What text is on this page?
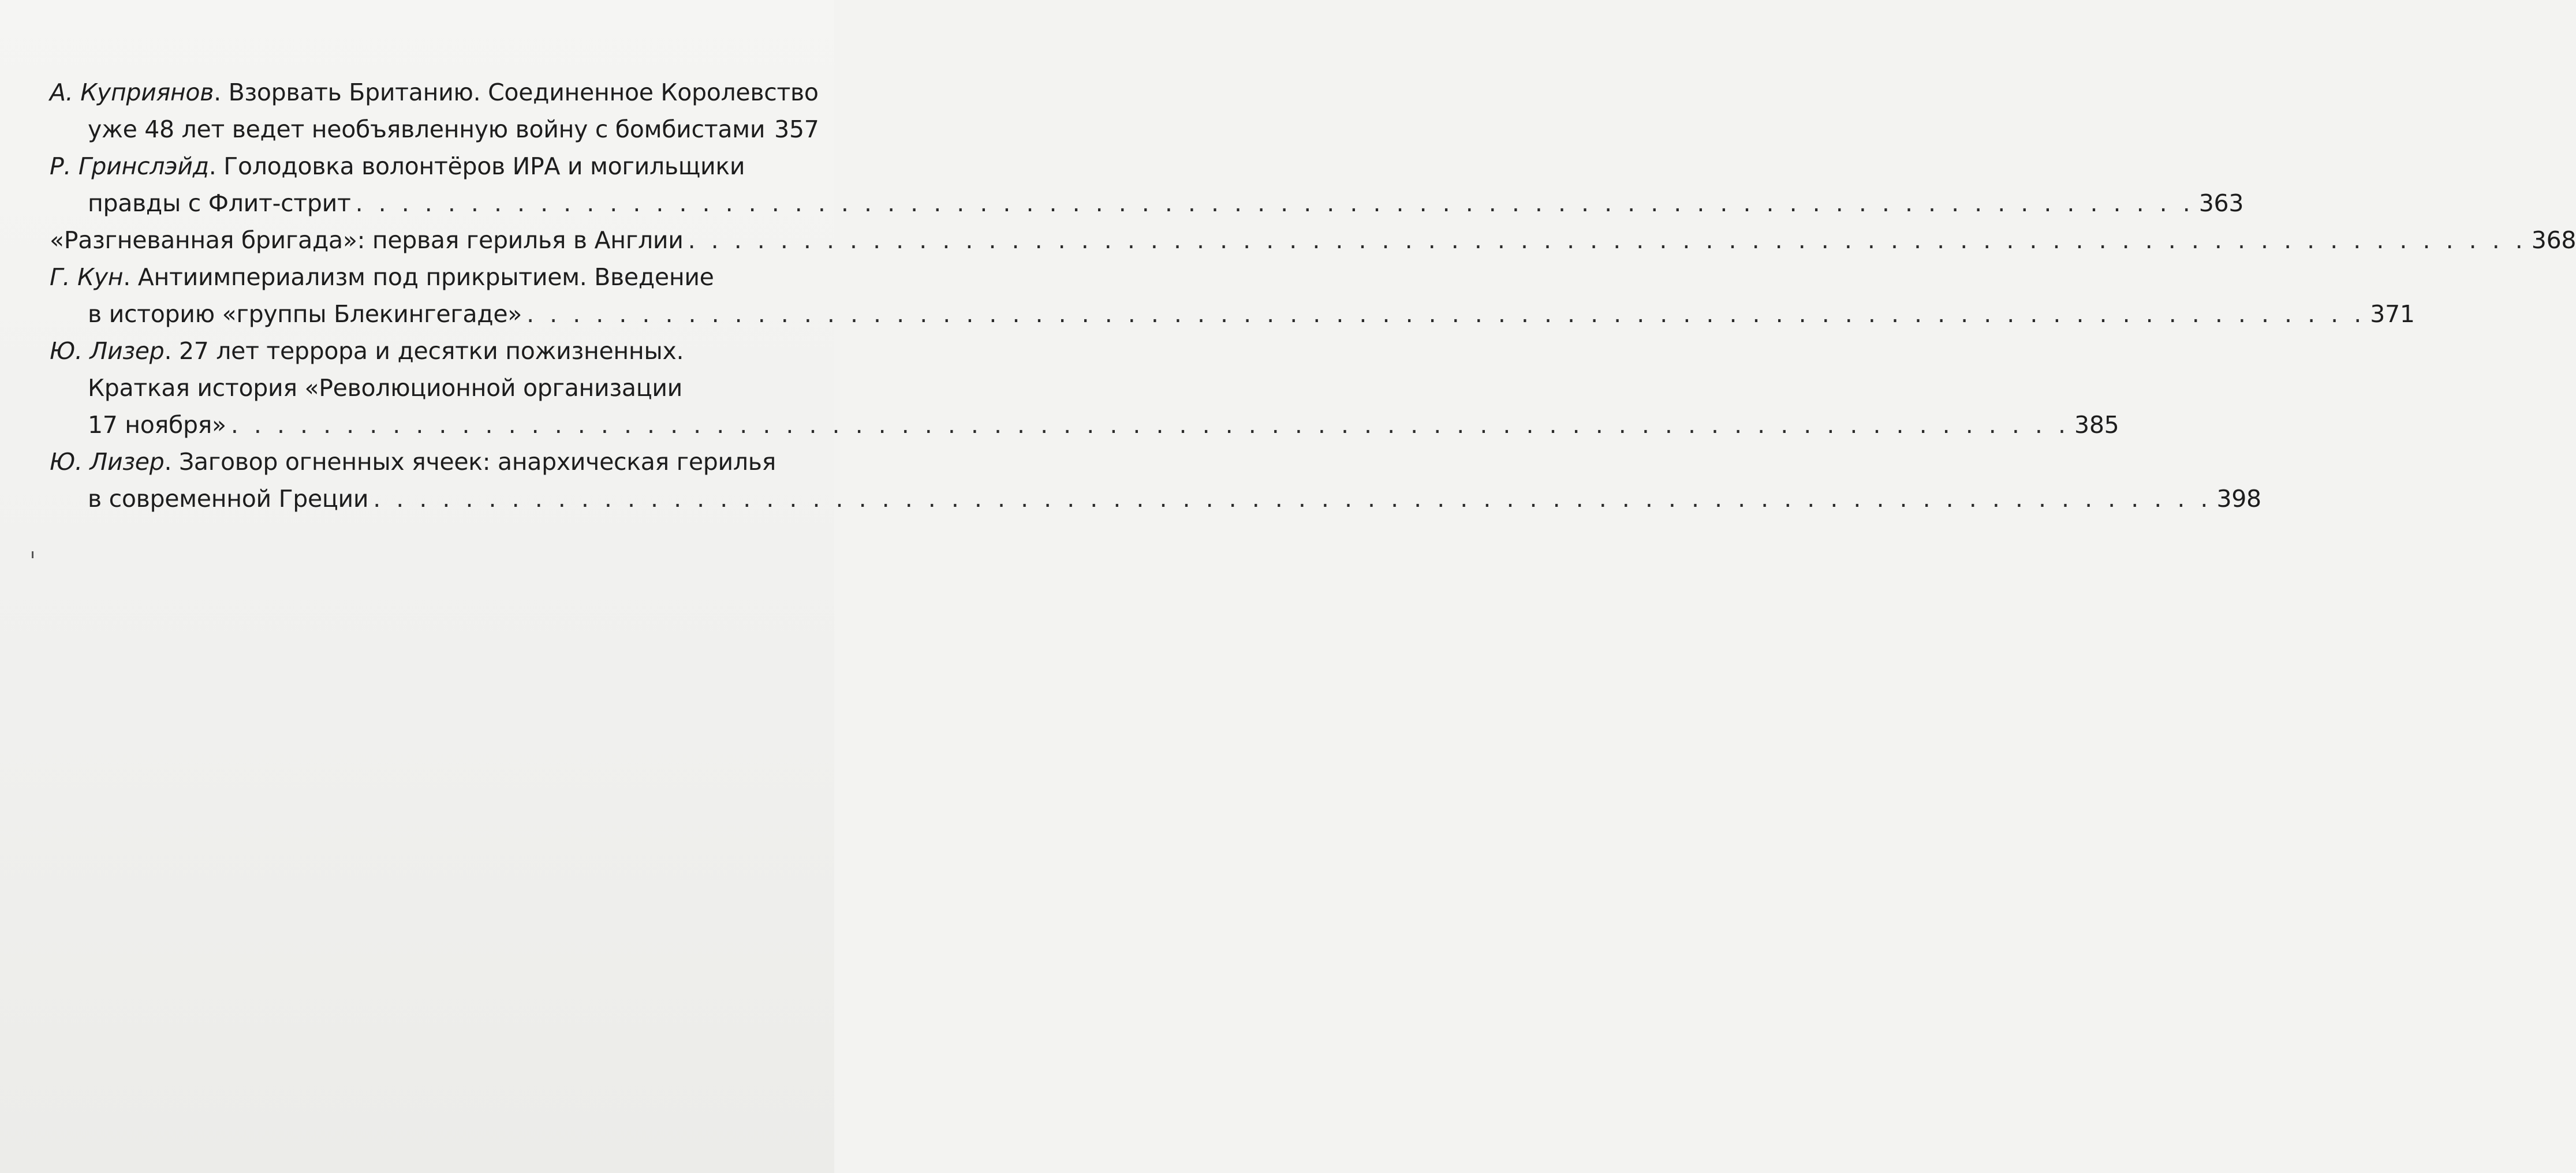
А. Куприянов. Взорвать Британию. Соединенное Королевство
уже 48 лет ведет необъявленную войну с бомбистами 357
Р. Гринслэйд. Голодовка волонтёров ИРА и могильщики
правды с Флит-стрит . . . . . . . . . . . . . . . . . . . . . . . . . . . . . . . . . . . . . . . . . . . . . . . . . . . . . . . . . . . . . . . . . . . . . . . . . . . . . . . . 363
«Разгневанная бригада»: первая герилья в Англии . . . . . . . . . . . . . . . . . . . . . . . . . . . . . . . . . . . . . . . . . . . . . . . . . . . . . . . . . . . . . . . . . . . . . . . . . . . . . . . . 368
Г. Кун. Антиимпериализм под прикрытием. Введение
в историю «группы Блекингегаде» . . . . . . . . . . . . . . . . . . . . . . . . . . . . . . . . . . . . . . . . . . . . . . . . . . . . . . . . . . . . . . . . . . . . . . . . . . . . . . . . 371
Ю. Лизер. 27 лет террора и десятки пожизненных.
Краткая история «Революционной организации
17 ноября» . . . . . . . . . . . . . . . . . . . . . . . . . . . . . . . . . . . . . . . . . . . . . . . . . . . . . . . . . . . . . . . . . . . . . . . . . . . . . . . . 385
Ю. Лизер. Заговор огненных ячеек: анархическая герилья
в современной Греции . . . . . . . . . . . . . . . . . . . . . . . . . . . . . . . . . . . . . . . . . . . . . . . . . . . . . . . . . . . . . . . . . . . . . . . . . . . . . . . . 398
